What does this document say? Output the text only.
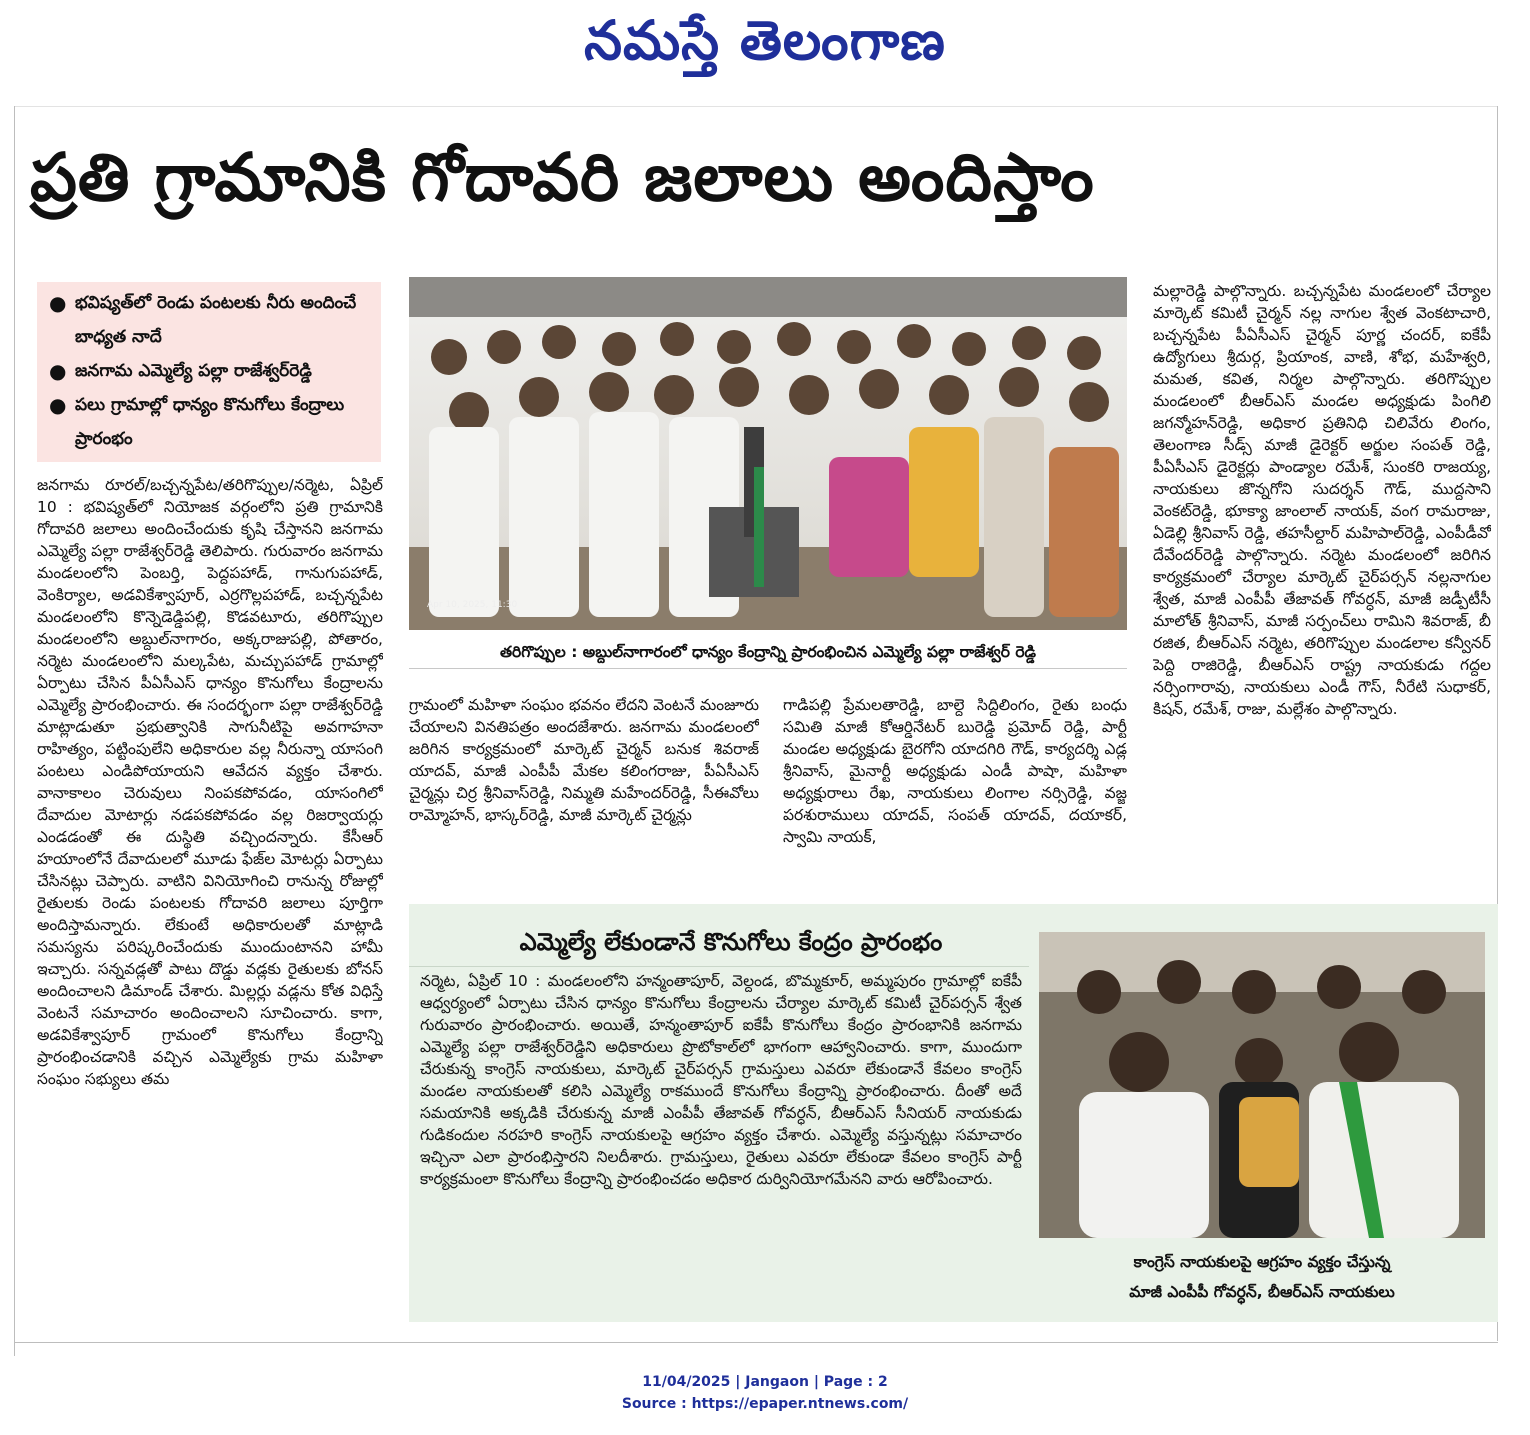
నమస్తే తెలంగాణ
ప్రతి గ్రామానికి గోదావరి జలాలు అందిస్తాం
● భవిష్యత్‌లో రెండు పంటలకు నీరు అందించే బాధ్యత నాదే
● జనగామ ఎమ్మెల్యే పల్లా రాజేశ్వర్‌రెడ్డి
● పలు గ్రామాల్లో ధాన్యం కొనుగోలు కేంద్రాలు ప్రారంభం
జనగామ రూరల్‌/బచ్చన్నపేట/తరిగొప్పుల/నర్మెట, ఏప్రిల్‌ 10 : భవిష్యత్‌లో నియోజక వర్గంలోని ప్రతి గ్రామానికి గోదావరి జలాలు అందించేందుకు కృషి చేస్తానని జనగామ ఎమ్మెల్యే పల్లా రాజేశ్వర్‌రెడ్డి తెలిపారు. గురువారం జనగామ మండలంలోని పెంబర్తి, పెద్దపహాడ్‌, గానుగుపహాడ్‌, వెంకిర్యాల, అడవికేశ్వాపూర్‌, ఎర్రగొల్లపహాడ్‌, బచ్చన్నపేట మండలంలోని కొన్నెడెడ్డిపల్లి, కొడవటూరు, తరిగొప్పుల మండలంలోని అబ్దుల్‌నాగారం, అక్కరాజుపల్లి, పోతారం, నర్మెట మండలంలోని మల్కపేట, మచ్చుపహాడ్‌ గ్రామాల్లో ఏర్పాటు చేసిన పీఏసీఎస్‌ ధాన్యం కొనుగోలు కేంద్రాలను ఎమ్మెల్యే ప్రారంభించారు. ఈ సందర్భంగా పల్లా రాజేశ్వర్‌రెడ్డి మాట్లాడుతూ ప్రభుత్వానికి సాగునీటిపై అవగాహనా రాహిత్యం, పట్టింపులేని అధికారుల వల్ల నీరున్నా యాసంగి పంటలు ఎండిపోయాయని ఆవేదన వ్యక్తం చేశారు. వానాకాలం చెరువులు నింపకపోవడం, యాసంగిలో దేవాదుల మోటార్లు నడపకపోవడం వల్ల రిజర్వాయర్లు ఎండడంతో ఈ దుస్థితి వచ్చిందన్నారు. కేసీఆర్‌ హయాంలోనే దేవాదులలో మూడు ఫేజ్‌ల మోటర్లు ఏర్పాటు చేసినట్లు చెప్పారు. వాటిని వినియోగించి రానున్న రోజుల్లో రైతులకు రెండు పంటలకు గోదావరి జలాలు పూర్తిగా అందిస్తామన్నారు. లేకుంటే అధికారులతో మాట్లాడి సమస్యను పరిష్కరించేందుకు ముందుంటానని హామీ ఇచ్చారు. సన్నవడ్లతో పాటు దొడ్డు వడ్లకు రైతులకు బోనస్‌ అందించాలని డిమాండ్‌ చేశారు. మిల్లర్లు వడ్లను కోత విధిస్తే వెంటనే సమాచారం అందించాలని సూచించారు. కాగా, అడవికేశ్వాపూర్‌ గ్రామంలో కొనుగోలు కేంద్రాన్ని ప్రారంభించడానికి వచ్చిన ఎమ్మెల్యేకు గ్రామ మహిళా సంఘం సభ్యులు తమ
Apr 10, 2025, 11:30
తరిగొప్పుల : అబ్దుల్‌నాగారంలో ధాన్యం కేంద్రాన్ని ప్రారంభించిన ఎమ్మెల్యే పల్లా రాజేశ్వర్‌ రెడ్డి
గ్రామంలో మహిళా సంఘం భవనం లేదని వెంటనే మంజూరు చేయాలని వినతిపత్రం అందజేశారు. జనగామ మండలంలో జరిగిన కార్యక్రమంలో మార్కెట్‌ చైర్మన్‌ బనుక శివరాజ్‌ యాదవ్‌, మాజీ ఎంపీపీ మేకల కలింగరాజు, పీఏసీఎస్‌ చైర్మన్లు చిర్ర శ్రీనివాస్‌రెడ్డి, నిమ్మతి మహేందర్‌రెడ్డి, సీఈవోలు రామ్మోహన్‌, భాస్కర్‌రెడ్డి, మాజీ మార్కెట్‌ చైర్మన్లు
గాడిపల్లి ప్రేమలతారెడ్డి, బాల్దె సిద్దిలింగం, రైతు బంధు సమితి మాజీ కోఆర్డినేటర్‌ బురెడ్డి ప్రమోద్‌ రెడ్డి, పార్టీ మండల అధ్యక్షుడు బైరగోని యాదగిరి గౌడ్‌, కార్యదర్శి ఎడ్ల శ్రీనివాస్‌, మైనార్టీ అధ్యక్షుడు ఎండీ పాషా, మహిళా అధ్యక్షురాలు రేఖ, నాయకులు లింగాల నర్సిరెడ్డి, వజ్జ పరశురాములు యాదవ్‌, సంపత్‌ యాదవ్‌, దయాకర్‌, స్వామి నాయక్‌,
మల్లారెడ్డి పాల్గొన్నారు. బచ్చన్నపేట మండలంలో చేర్యాల మార్కెట్‌ కమిటీ చైర్మన్‌ నల్ల నాగుల శ్వేత వెంకటాచారి, బచ్చన్నపేట పీఏసీఎస్‌ చైర్మన్‌ పూర్ణ చందర్‌, ఐకేపీ ఉద్యోగులు శ్రీదుర్గ, ప్రియాంక, వాణి, శోభ, మహేశ్వరి, మమత, కవిత, నిర్మల పాల్గొన్నారు. తరిగొప్పుల మండలంలో బీఆర్‌ఎస్‌ మండల అధ్యక్షుడు పింగిలి జగన్మోహన్‌రెడ్డి, అధికార ప్రతినిధి చిలివేరు లింగం, తెలంగాణ సీడ్స్‌ మాజీ డైరెక్టర్‌ అర్జుల సంపత్‌ రెడ్డి, పీఏసీఎస్‌ డైరెక్టర్లు పాండ్యాల రమేశ్‌, సుంకరి రాజయ్య, నాయకులు జొన్నగోని సుదర్శన్‌ గౌడ్‌, ముద్దసాని వెంకట్‌రెడ్డి, భూక్యా జాంలాల్‌ నాయక్‌, వంగ రామరాజు, ఏడెల్లి శ్రీనివాస్‌ రెడ్డి, తహసీల్దార్‌ మహిపాల్‌రెడ్డి, ఎంపీడీవో దేవేందర్‌రెడ్డి పాల్గొన్నారు. నర్మెట మండలంలో జరిగిన కార్యక్రమంలో చేర్యాల మార్కెట్‌ చైర్‌పర్సన్‌ నల్లనాగుల శ్వేత, మాజీ ఎంపీపీ తేజావత్‌ గోవర్ధన్‌, మాజీ జడ్పీటీసీ మాలోత్‌ శ్రీనివాస్‌, మాజీ సర్పంచ్‌లు రామిని శివరాజ్‌, బీ రజిత, బీఆర్‌ఎస్‌ నర్మెట, తరిగొప్పుల మండలాల కన్వీనర్‌ పెద్ది రాజిరెడ్డి, బీఆర్‌ఎస్‌ రాష్ట్ర నాయకుడు గద్దల నర్సింగారావు, నాయకులు ఎండీ గౌస్‌, నీరేటి సుధాకర్‌, కిషన్‌, రమేశ్‌, రాజు, మల్లేశం పాల్గొన్నారు.
ఎమ్మెల్యే లేకుండానే కొనుగోలు కేంద్రం ప్రారంభం
నర్మెట, ఏప్రిల్‌ 10 : మండలంలోని హన్మంతాపూర్‌, వెల్దండ, బొమ్మకూర్‌, అమ్మపురం గ్రామాల్లో ఐకేపీ ఆధ్వర్యంలో ఏర్పాటు చేసిన ధాన్యం కొనుగోలు కేంద్రాలను చేర్యాల మార్కెట్‌ కమిటీ చైర్‌పర్సన్‌ శ్వేత గురువారం ప్రారంభించారు. అయితే, హన్మంతాపూర్‌ ఐకేపీ కొనుగోలు కేంద్రం ప్రారంభానికి జనగామ ఎమ్మెల్యే పల్లా రాజేశ్వర్‌రెడ్డిని అధికారులు ప్రొటోకాల్‌లో భాగంగా ఆహ్వానించారు. కాగా, ముందుగా చేరుకున్న కాంగ్రెస్‌ నాయకులు, మార్కెట్‌ చైర్‌పర్సన్‌ గ్రామస్తులు ఎవరూ లేకుండానే కేవలం కాంగ్రెస్‌ మండల నాయకులతో కలిసి ఎమ్మెల్యే రాకముందే కొనుగోలు కేంద్రాన్ని ప్రారంభించారు. దీంతో అదే సమయానికి అక్కడికి చేరుకున్న మాజీ ఎంపీపీ తేజావత్‌ గోవర్ధన్‌, బీఆర్‌ఎస్‌ సీనియర్‌ నాయకుడు గుడికందుల నరహరి కాంగ్రెస్‌ నాయకులపై ఆగ్రహం వ్యక్తం చేశారు. ఎమ్మెల్యే వస్తున్నట్లు సమాచారం ఇచ్చినా ఎలా ప్రారంభిస్తారని నిలదీశారు. గ్రామస్తులు, రైతులు ఎవరూ లేకుండా కేవలం కాంగ్రెస్‌ పార్టీ కార్యక్రమంలా కొనుగోలు కేంద్రాన్ని ప్రారంభించడం అధికార దుర్వినియోగమేనని వారు ఆరోపించారు.
కాంగ్రెస్‌ నాయకులపై ఆగ్రహం వ్యక్తం చేస్తున్న
మాజీ ఎంపీపీ గోవర్ధన్‌, బీఆర్‌ఎస్‌ నాయకులు
11/04/2025 | Jangaon | Page : 2
Source : https://epaper.ntnews.com/
